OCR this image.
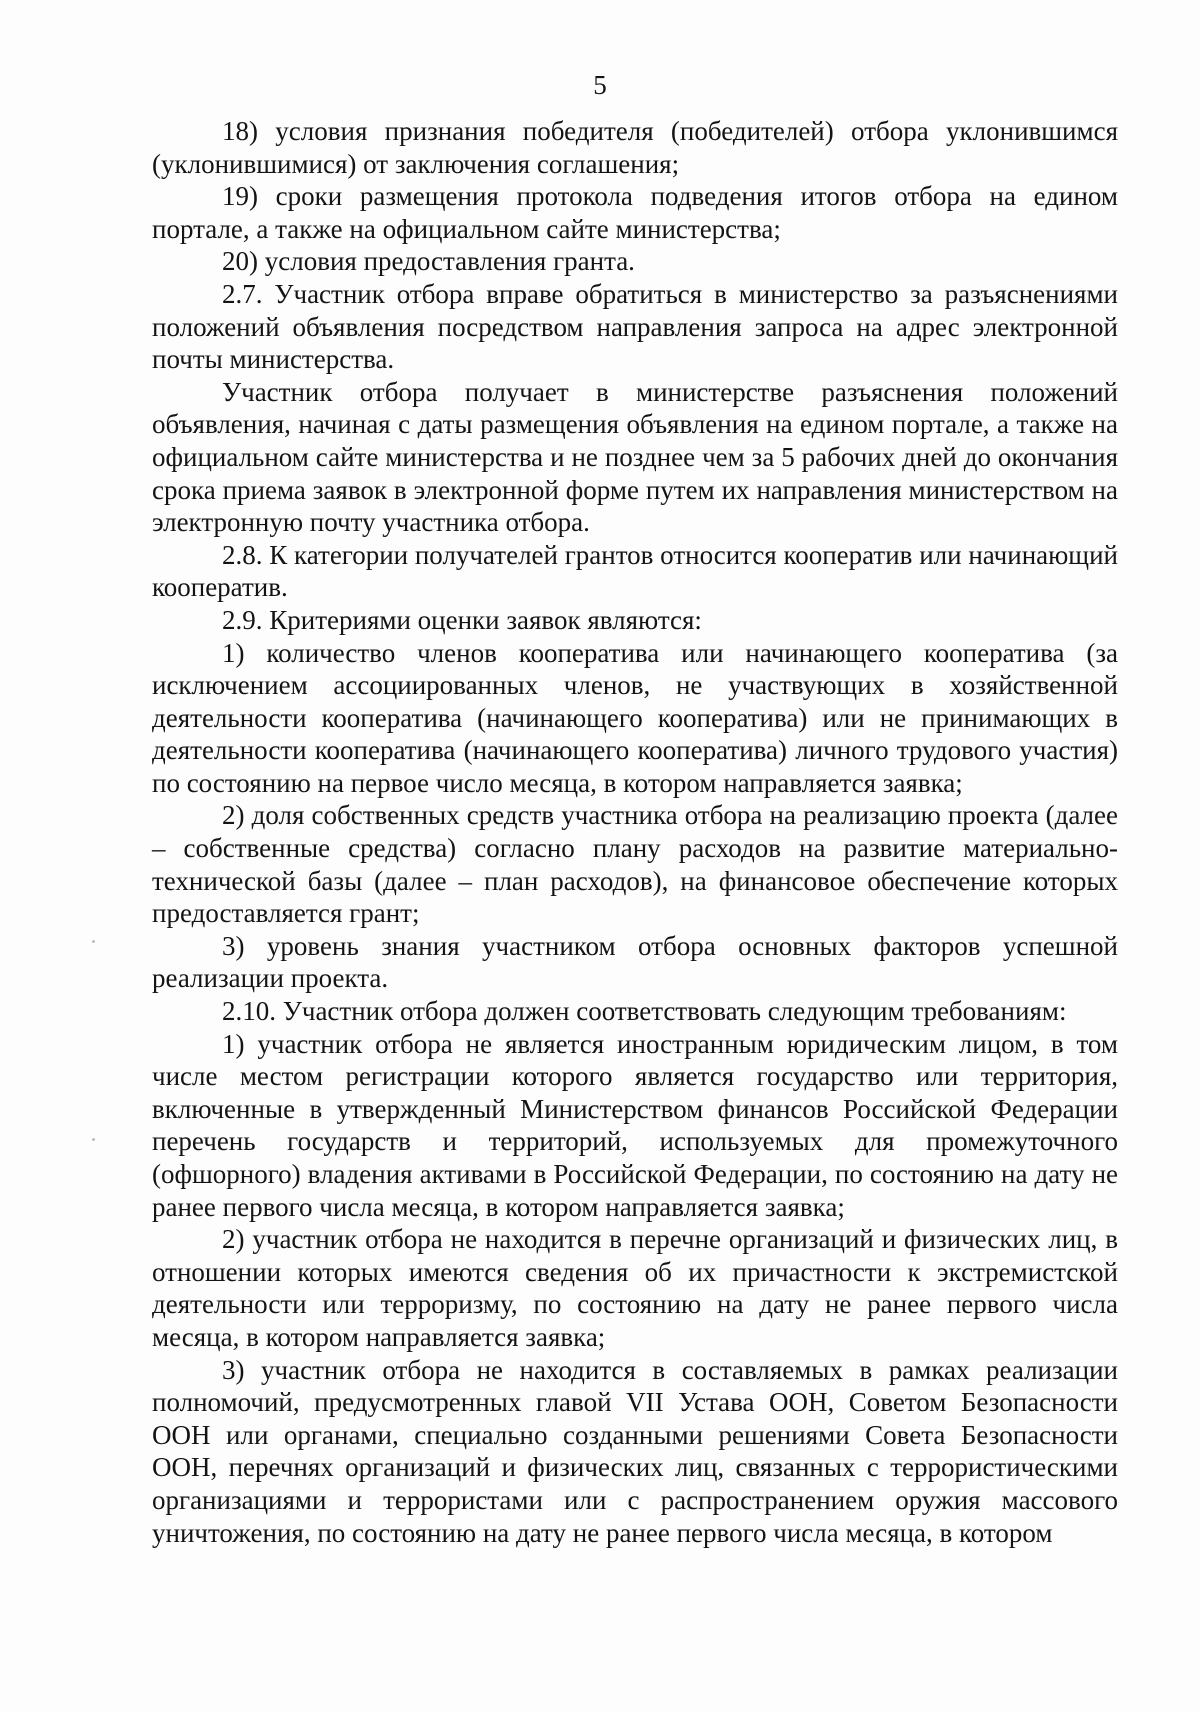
5

18) условия признания победителя (победителей) отбора уклонившимся (уклонившимися) от заключения соглашения;

19) сроки размещения протокола подведения итогов отбора на едином портале, а также на официальном сайте министерства;

20) условия предоставления гранта.

2.7. Участник отбора вправе обратиться в министерство за разъяснениями положений объявления посредством направления запроса на адрес электронной почты министерства.

Участник отбора получает в министерстве разъяснения положений объявления, начиная с даты размещения объявления на едином портале, а также на официальном сайте министерства и не позднее чем за 5 рабочих дней до окончания срока приема заявок в электронной форме путем их направления министерством на электронную почту участника отбора.

2.8. К категории получателей грантов относится кооператив или начинающий кооператив.

2.9. Критериями оценки заявок являются:

1) количество членов кооператива или начинающего кооператива (за исключением ассоциированных членов, не участвующих в хозяйственной деятельности кооператива (начинающего кооператива) или не принимающих в деятельности кооператива (начинающего кооператива) личного трудового участия) по состоянию на первое число месяца, в котором направляется заявка;

2) доля собственных средств участника отбора на реализацию проекта (далее – собственные средства) согласно плану расходов на развитие материально-технической базы (далее – план расходов), на финансовое обеспечение которых предоставляется грант;

3) уровень знания участником отбора основных факторов успешной реализации проекта.

2.10. Участник отбора должен соответствовать следующим требованиям:

1) участник отбора не является иностранным юридическим лицом, в том числе местом регистрации которого является государство или территория, включенные в утвержденный Министерством финансов Российской Федерации перечень государств и территорий, используемых для промежуточного (офшорного) владения активами в Российской Федерации, по состоянию на дату не ранее первого числа месяца, в котором направляется заявка;

2) участник отбора не находится в перечне организаций и физических лиц, в отношении которых имеются сведения об их причастности к экстремистской деятельности или терроризму, по состоянию на дату не ранее первого числа месяца, в котором направляется заявка;

3) участник отбора не находится в составляемых в рамках реализации полномочий, предусмотренных главой VII Устава ООН, Советом Безопасности ООН или органами, специально созданными решениями Совета Безопасности ООН, перечнях организаций и физических лиц, связанных с террористическими организациями и террористами или с распространением оружия массового уничтожения, по состоянию на дату не ранее первого числа месяца, в котором
